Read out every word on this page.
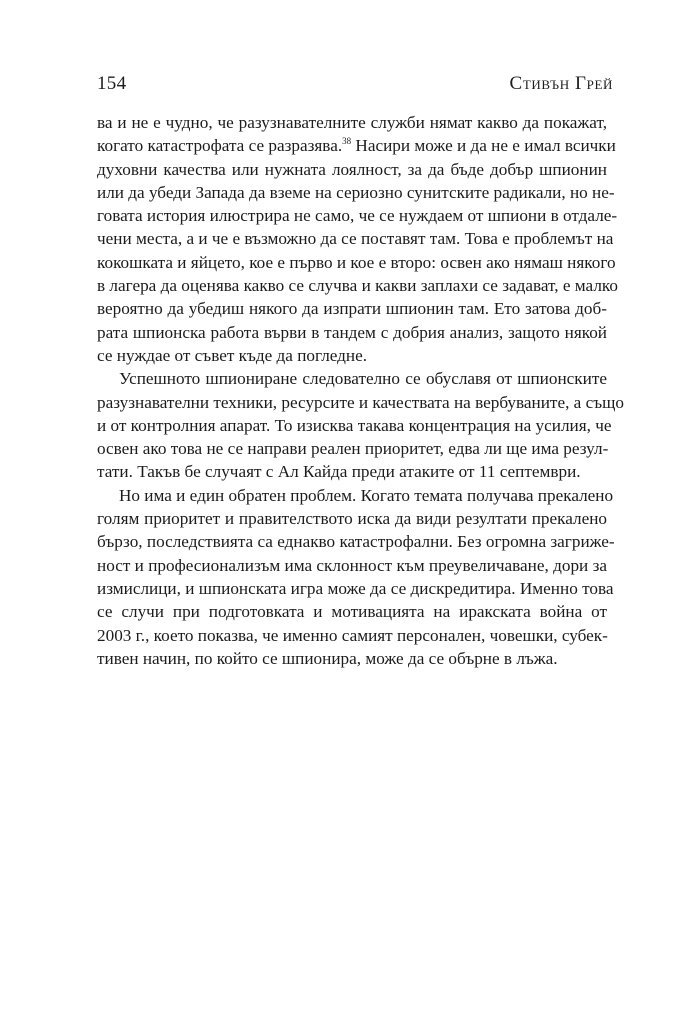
154	Стивън Грей
ва и не е чудно, че разузнавателните служби нямат какво да покажат,
когато катастрофата се разразява.$^{38}$ Насири може и да не е имал всички
духовни качества или нужната лоялност, за да бъде добър шпионин
или да убеди Запада да вземе на сериозно сунитските радикали, но не-
говата история илюстрира не само, че се нуждаем от шпиони в отдале-
чени места, а и че е възможно да се поставят там. Това е проблемът на
кокошката и яйцето, кое е първо и кое е второ: освен ако нямаш някого
в лагера да оценява какво се случва и какви заплахи се задават, е малко
вероятно да убедиш някого да изпрати шпионин там. Ето затова доб-
рата шпионска работа върви в тандем с добрия анализ, защото някой
се нуждае от съвет къде да погледне.
Успешното шпиониране следователно се обуславя от шпионските
разузнавателни техники, ресурсите и качествата на вербуваните, а също
и от контролния апарат. То изисква такава концентрация на усилия, че
освен ако това не се направи реален приоритет, едва ли ще има резул-
тати. Такъв бе случаят с Ал Кайда преди атаките от 11 септември.
Но има и един обратен проблем. Когато темата получава прекалено
голям приоритет и правителството иска да види резултати прекалено
бързо, последствията са еднакво катастрофални. Без огромна загриже-
ност и професионализъм има склонност към преувеличаване, дори за
измислици, и шпионската игра може да се дискредитира. Именно това
се случи при подготовката и мотивацията на иракската война от
2003 г., което показва, че именно самият персонален, човешки, субек-
тивен начин, по който се шпионира, може да се обърне в лъжа.
